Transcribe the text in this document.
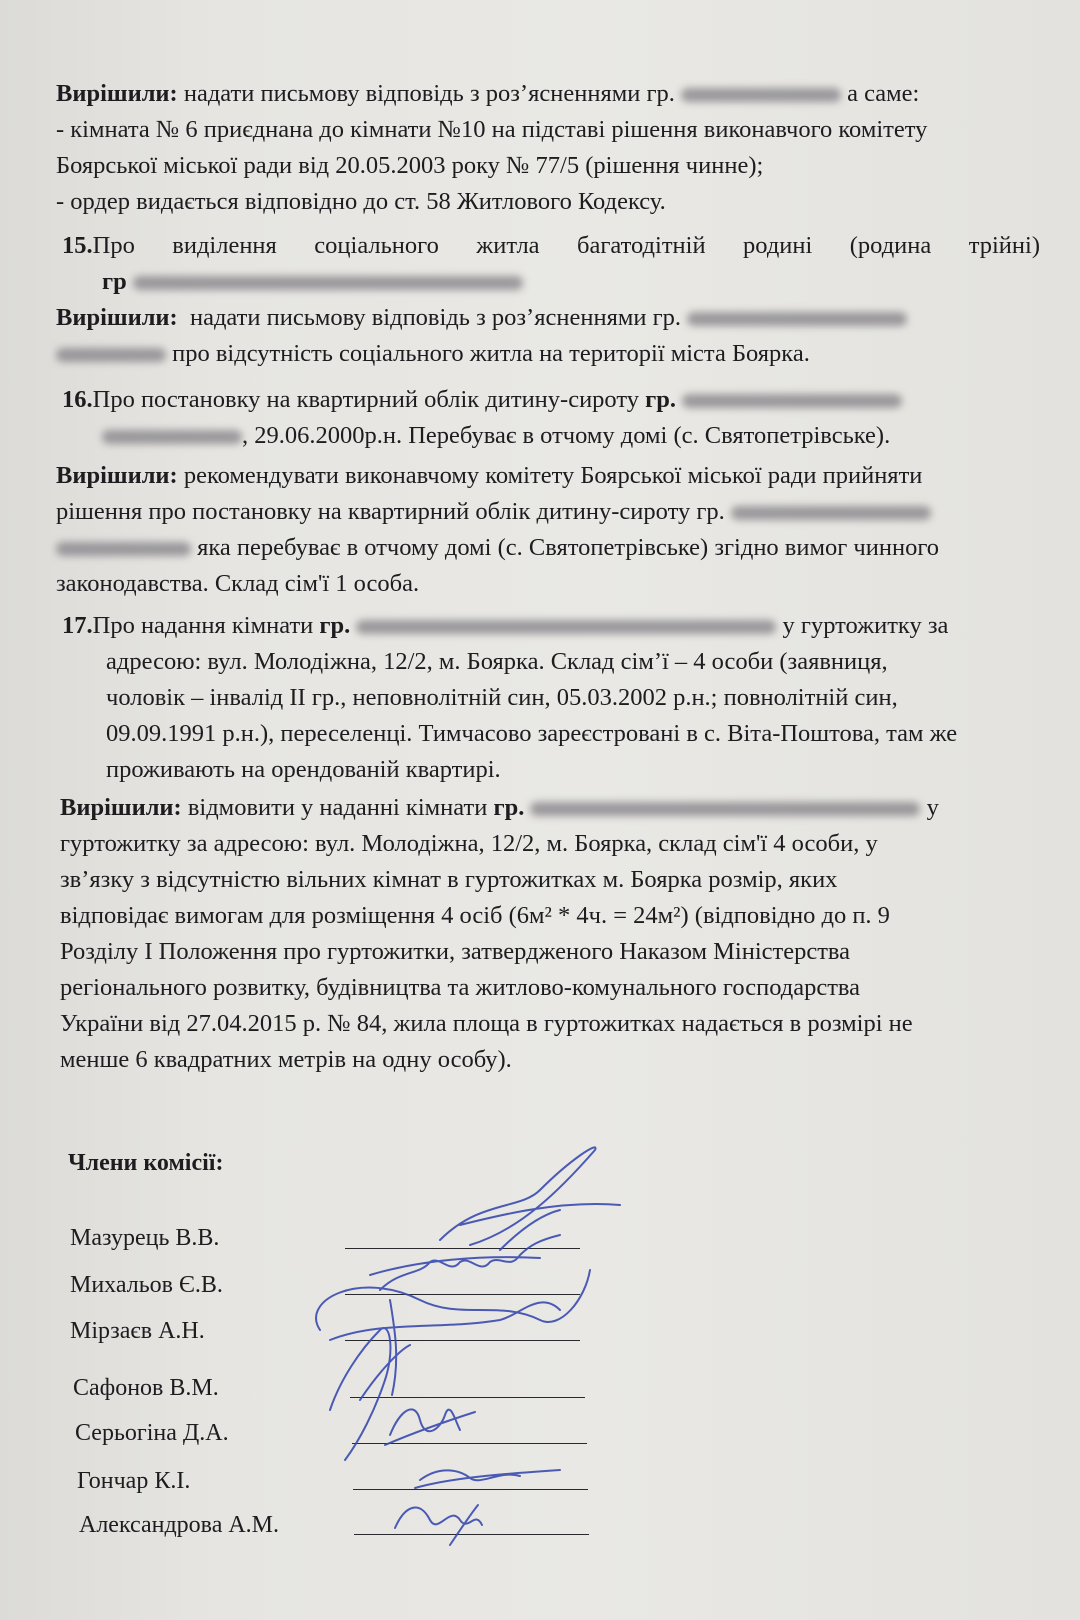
Вирішили: надати письмову відповідь з роз’ясненнями гр.	а саме:
- кімната № 6 приєднана до кімнати №10 на підставі рішення виконавчого комітету
Боярської міської ради від 20.05.2003 року № 77/5 (рішення чинне);
- ордер видається відповідно до ст. 58 Житлового Кодексу.
15.Про виділення соціального житла багатодітній родині (родина трійні)
гр
Вирішили: надати письмову відповідь з роз’ясненнями гр.
про відсутність соціального житла на території міста Боярка.
16.Про постановку на квартирний облік дитину-сироту гр.
, 29.06.2000р.н. Перебуває в отчому домі (с. Святопетрівське).
Вирішили: рекомендувати виконавчому комітету Боярської міської ради прийняти
рішення про постановку на квартирний облік дитину-сироту гр.
яка перебуває в отчому домі (с. Святопетрівське) згідно вимог чинного
законодавства. Склад сім'ї 1 особа.
17.Про надання кімнати гр.	у гуртожитку за
адресою: вул. Молодіжна, 12/2, м. Боярка. Склад сім’ї – 4 особи (заявниця,
чоловік – інвалід II гр., неповнолітній син, 05.03.2002 р.н.; повнолітній син,
09.09.1991 р.н.), переселенці. Тимчасово зареєстровані в с. Віта-Поштова, там же
проживають на орендованій квартирі.
Вирішили: відмовити у наданні кімнати гр.	у
гуртожитку за адресою: вул. Молодіжна, 12/2, м. Боярка, склад сім'ї 4 особи, у
зв’язку з відсутністю вільних кімнат в гуртожитках м. Боярка розмір, яких
відповідає вимогам для розміщення 4 осіб (6м² * 4ч. = 24м²) (відповідно до п. 9
Розділу I Положення про гуртожитки, затвердженого Наказом Міністерства
регіонального розвитку, будівництва та житлово-комунального господарства
України від 27.04.2015 р. № 84, жила площа в гуртожитках надається в розмірі не
менше 6 квадратних метрів на одну особу).
Члени комісії:
Мазурець В.В.
Михальов Є.В.
Мірзаєв А.Н.
Сафонов В.М.
Серьогіна Д.А.
Гончар К.І.
Александрова А.М.
